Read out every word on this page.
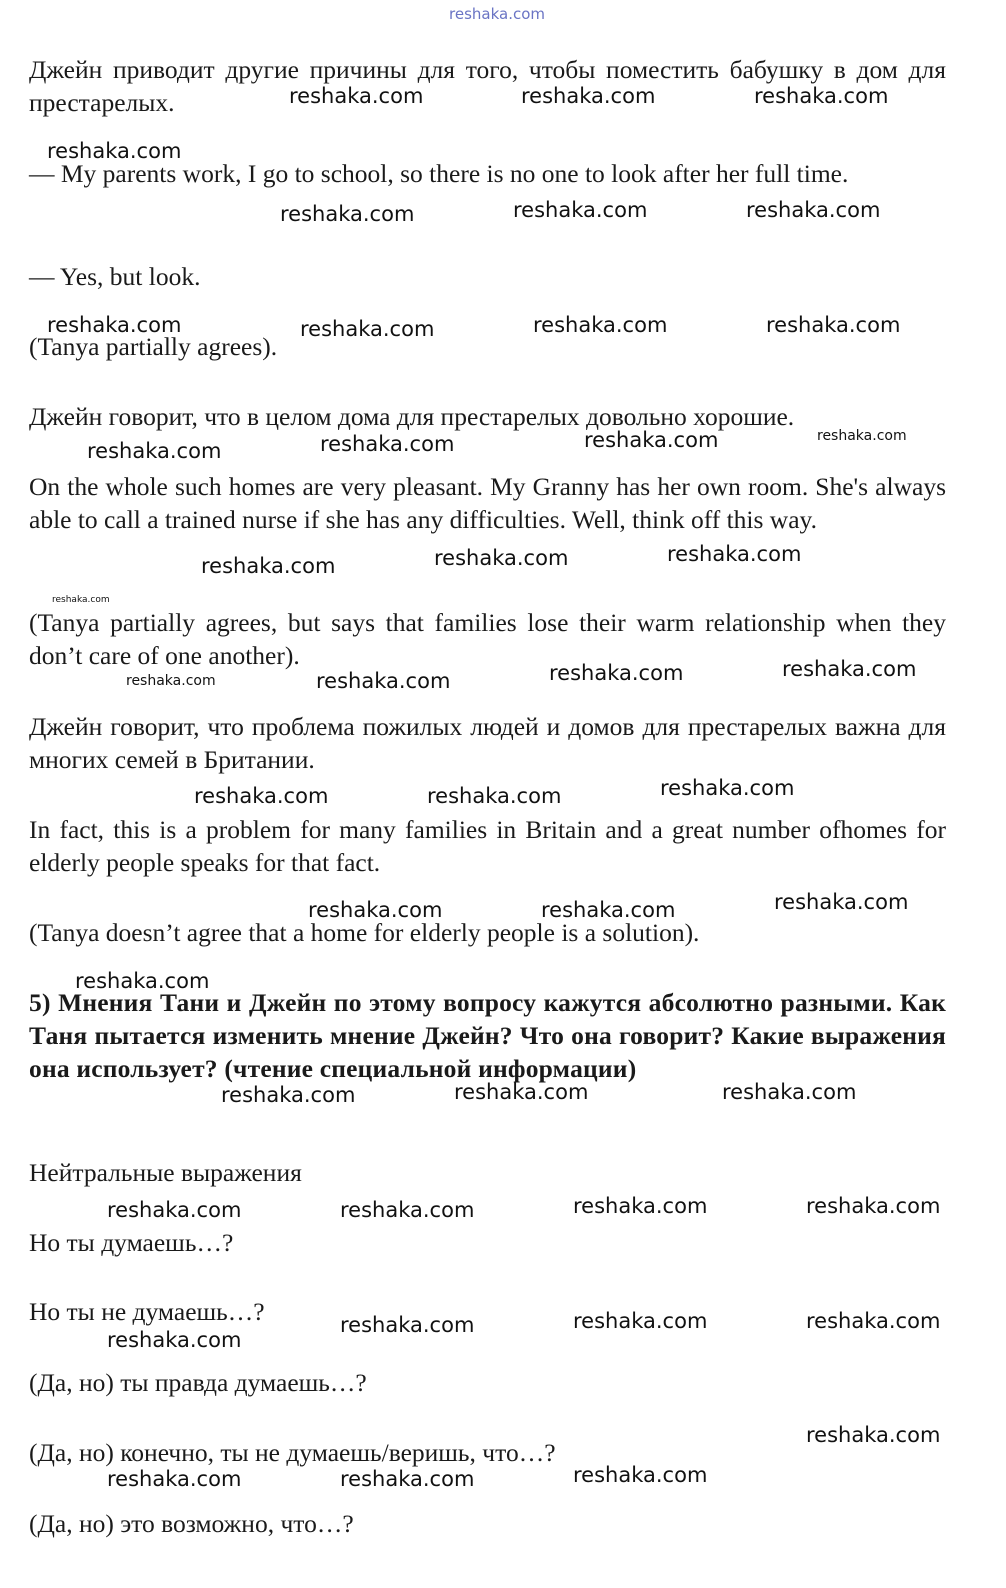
reshaka.com

Джейн приводит другие причины для того, чтобы поместить бабушку в дом для престарелых.

— My parents work, I go to school, so there is no one to look after her full time.

— Yes, but look.

(Tanya partially agrees).

Джейн говорит, что в целом дома для престарелых довольно хорошие.

On the whole such homes are very pleasant. My Granny has her own room. She's always able to call a trained nurse if she has any difficulties. Well, think off this way.

(Tanya partially agrees, but says that families lose their warm relationship when they don’t care of one another).

Джейн говорит, что проблема пожилых людей и домов для престарелых важна для многих семей в Британии.

In fact, this is a problem for many families in Britain and a great number ofhomes for elderly people speaks for that fact.

(Tanya doesn’t agree that a home for elderly people is a solution).

5) Мнения Тани и Джейн по этому вопросу кажутся абсолютно разными. Как Таня пытается изменить мнение Джейн? Что она говорит? Какие выражения она использует? (чтение специальной информации)

Нейтральные выражения

Но ты думаешь…?

Но ты не думаешь…?

(Да, но) ты правда думаешь…?

(Да, но) конечно, ты не думаешь/веришь, что…?

(Да, но) это возможно, что…?

reshaka.com	reshaka.com	reshaka.com
reshaka.com
reshaka.com	reshaka.com	reshaka.com
reshaka.com	reshaka.com	reshaka.com	reshaka.com
reshaka.com	reshaka.com	reshaka.com	reshaka.com
reshaka.com	reshaka.com	reshaka.com
reshaka.com
reshaka.com	reshaka.com	reshaka.com	reshaka.com
reshaka.com	reshaka.com	reshaka.com
reshaka.com	reshaka.com	reshaka.com
reshaka.com
reshaka.com	reshaka.com	reshaka.com
reshaka.com	reshaka.com	reshaka.com	reshaka.com
reshaka.com
reshaka.com	reshaka.com	reshaka.com
reshaka.com
reshaka.com	reshaka.com	reshaka.com
